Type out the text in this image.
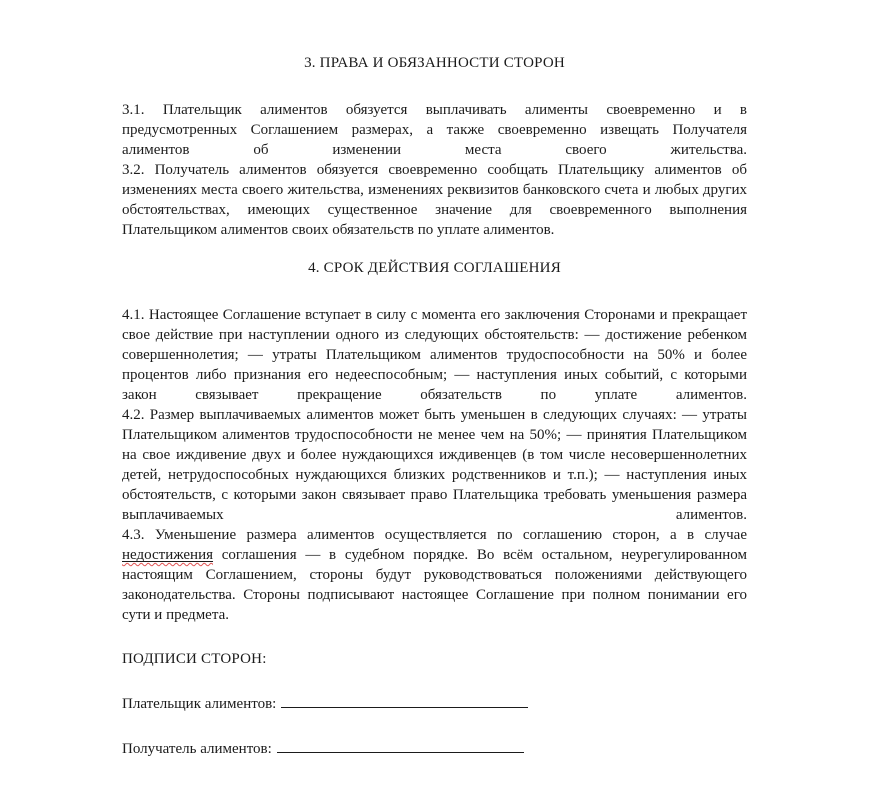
3. ПРАВА И ОБЯЗАННОСТИ СТОРОН

3.1. Плательщик алиментов обязуется выплачивать алименты своевременно и в предусмотренных Соглашением размерах, а также своевременно извещать Получателя алиментов об изменении места своего жительства.

3.2. Получатель алиментов обязуется своевременно сообщать Плательщику алиментов об изменениях места своего жительства, изменениях реквизитов банковского счета и любых других обстоятельствах, имеющих существенное значение для своевременного выполнения Плательщиком алиментов своих обязательств по уплате алиментов.

4. СРОК ДЕЙСТВИЯ СОГЛАШЕНИЯ

4.1. Настоящее Соглашение вступает в силу с момента его заключения Сторонами и прекращает свое действие при наступлении одного из следующих обстоятельств: — достижение ребенком совершеннолетия; — утраты Плательщиком алиментов трудоспособности на 50% и более процентов либо признания его недееспособным; — наступления иных событий, с которыми закон связывает прекращение обязательств по уплате алиментов.

4.2. Размер выплачиваемых алиментов может быть уменьшен в следующих случаях: — утраты Плательщиком алиментов трудоспособности не менее чем на 50%; — принятия Плательщиком на свое иждивение двух и более нуждающихся иждивенцев (в том числе несовершеннолетних детей, нетрудоспособных нуждающихся близких родственников и т.п.); — наступления иных обстоятельств, с которыми закон связывает право Плательщика требовать уменьшения размера выплачиваемых алиментов.

4.3. Уменьшение размера алиментов осуществляется по соглашению сторон, а в случае недостижения соглашения — в судебном порядке. Во всём остальном, неурегулированном настоящим Соглашением, стороны будут руководствоваться положениями действующего законодательства. Стороны подписывают настоящее Соглашение при полном понимании его сути и предмета.

ПОДПИСИ СТОРОН:

Плательщик алиментов:

Получатель алиментов:
